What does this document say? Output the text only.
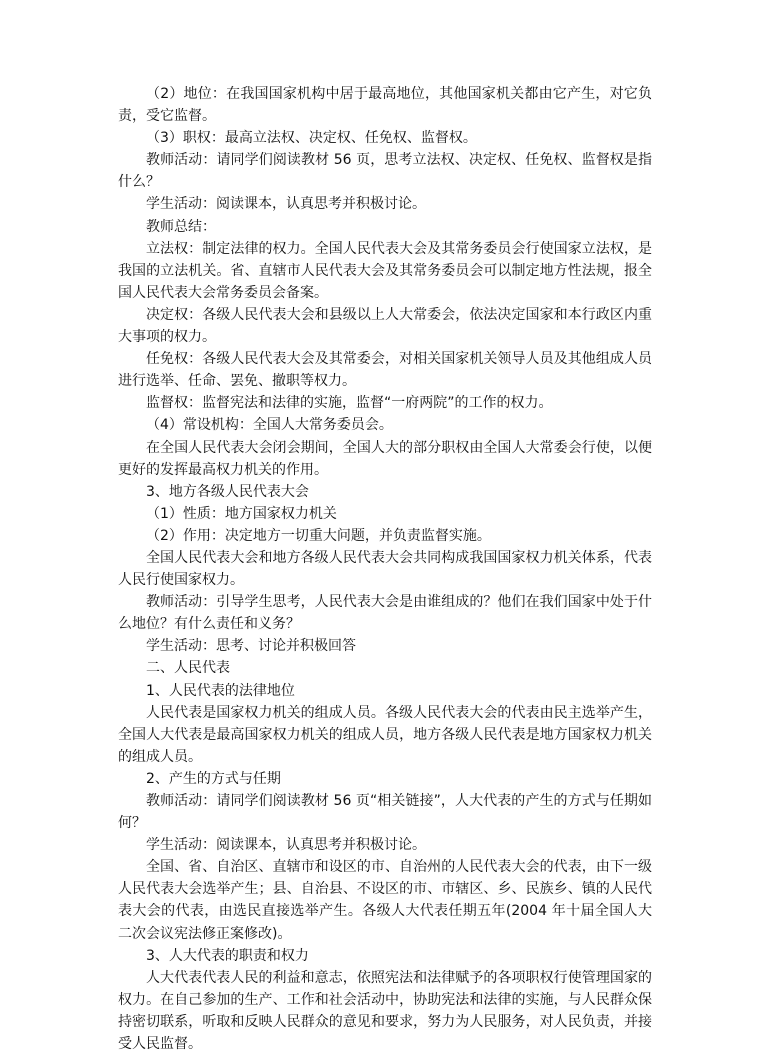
（2）地位：在我国国家机构中居于最高地位，其他国家机关都由它产生，对它负责，受它监督。

（3）职权：最高立法权、决定权、任免权、监督权。

教师活动：请同学们阅读教材 56 页，思考立法权、决定权、任免权、监督权是指什么？

学生活动：阅读课本，认真思考并积极讨论。

教师总结：

立法权：制定法律的权力。全国人民代表大会及其常务委员会行使国家立法权，是我国的立法机关。省、直辖市人民代表大会及其常务委员会可以制定地方性法规，报全国人民代表大会常务委员会备案。

决定权：各级人民代表大会和县级以上人大常委会，依法决定国家和本行政区内重大事项的权力。

任免权：各级人民代表大会及其常委会，对相关国家机关领导人员及其他组成人员进行选举、任命、罢免、撤职等权力。

监督权：监督宪法和法律的实施，监督“一府两院”的工作的权力。

（4）常设机构：全国人大常务委员会。

在全国人民代表大会闭会期间，全国人大的部分职权由全国人大常委会行使，以便更好的发挥最高权力机关的作用。

3、地方各级人民代表大会

（1）性质：地方国家权力机关

（2）作用：决定地方一切重大问题，并负责监督实施。

全国人民代表大会和地方各级人民代表大会共同构成我国国家权力机关体系，代表人民行使国家权力。

教师活动：引导学生思考，人民代表大会是由谁组成的？他们在我们国家中处于什么地位？有什么责任和义务？

学生活动：思考、讨论并积极回答

二、人民代表

1、人民代表的法律地位

人民代表是国家权力机关的组成人员。各级人民代表大会的代表由民主选举产生，全国人大代表是最高国家权力机关的组成人员，地方各级人民代表是地方国家权力机关的组成人员。

2、产生的方式与任期

教师活动：请同学们阅读教材 56 页“相关链接”，人大代表的产生的方式与任期如何？

学生活动：阅读课本，认真思考并积极讨论。

全国、省、自治区、直辖市和设区的市、自治州的人民代表大会的代表，由下一级人民代表大会选举产生；县、自治县、不设区的市、市辖区、乡、民族乡、镇的人民代表大会的代表，由选民直接选举产生。各级人大代表任期五年(2004 年十届全国人大二次会议宪法修正案修改)。

3、人大代表的职责和权力

人大代表代表人民的利益和意志，依照宪法和法律赋予的各项职权行使管理国家的权力。在自己参加的生产、工作和社会活动中，协助宪法和法律的实施，与人民群众保持密切联系，听取和反映人民群众的意见和要求，努力为人民服务，对人民负责，并接受人民监督。
